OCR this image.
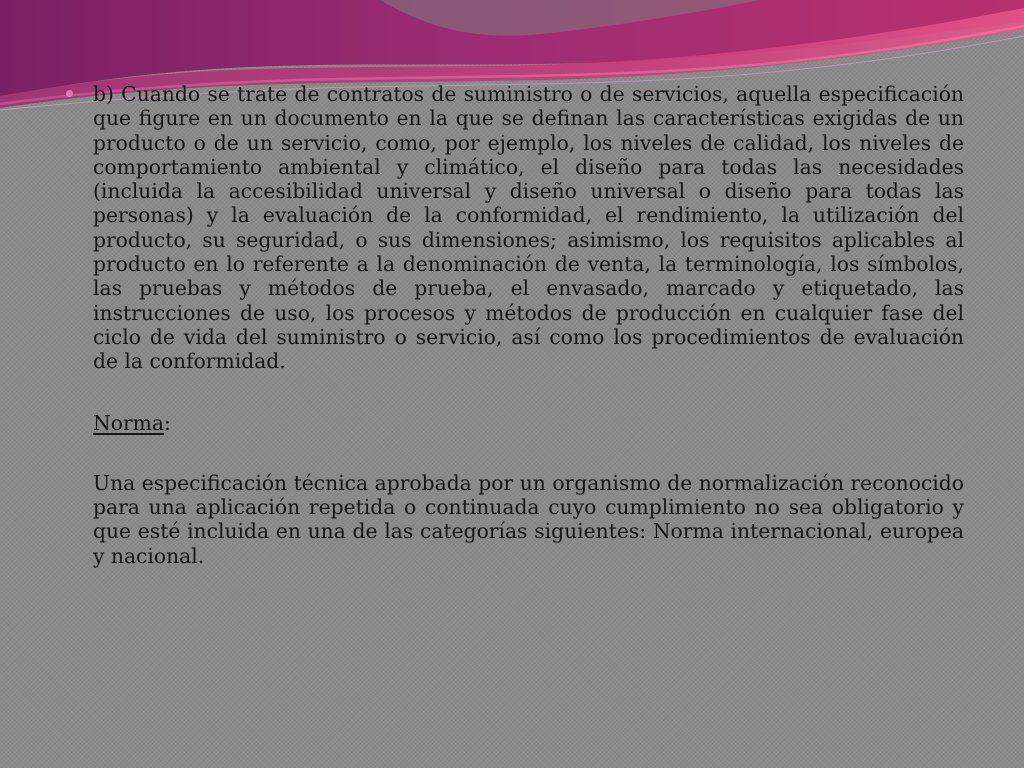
b) Cuando se trate de contratos de suministro o de servicios, aquella especificación que figure en un documento en la que se definan las características exigidas de un producto o de un servicio, como, por ejemplo, los niveles de calidad, los niveles de comportamiento ambiental y climático, el diseño para todas las necesidades (incluida la accesibilidad universal y diseño universal o diseño para todas las personas) y la evaluación de la conformidad, el rendimiento, la utilización del producto, su seguridad, o sus dimensiones; asimismo, los requisitos aplicables al producto en lo referente a la denominación de venta, la terminología, los símbolos, las pruebas y métodos de prueba, el envasado, marcado y etiquetado, las instrucciones de uso, los procesos y métodos de producción en cualquier fase del ciclo de vida del suministro o servicio, así como los procedimientos de evaluación de la conformidad.

Norma:

Una especificación técnica aprobada por un organismo de normalización reconocido para una aplicación repetida o continuada cuyo cumplimiento no sea obligatorio y que esté incluida en una de las categorías siguientes: Norma internacional, europea y nacional.
